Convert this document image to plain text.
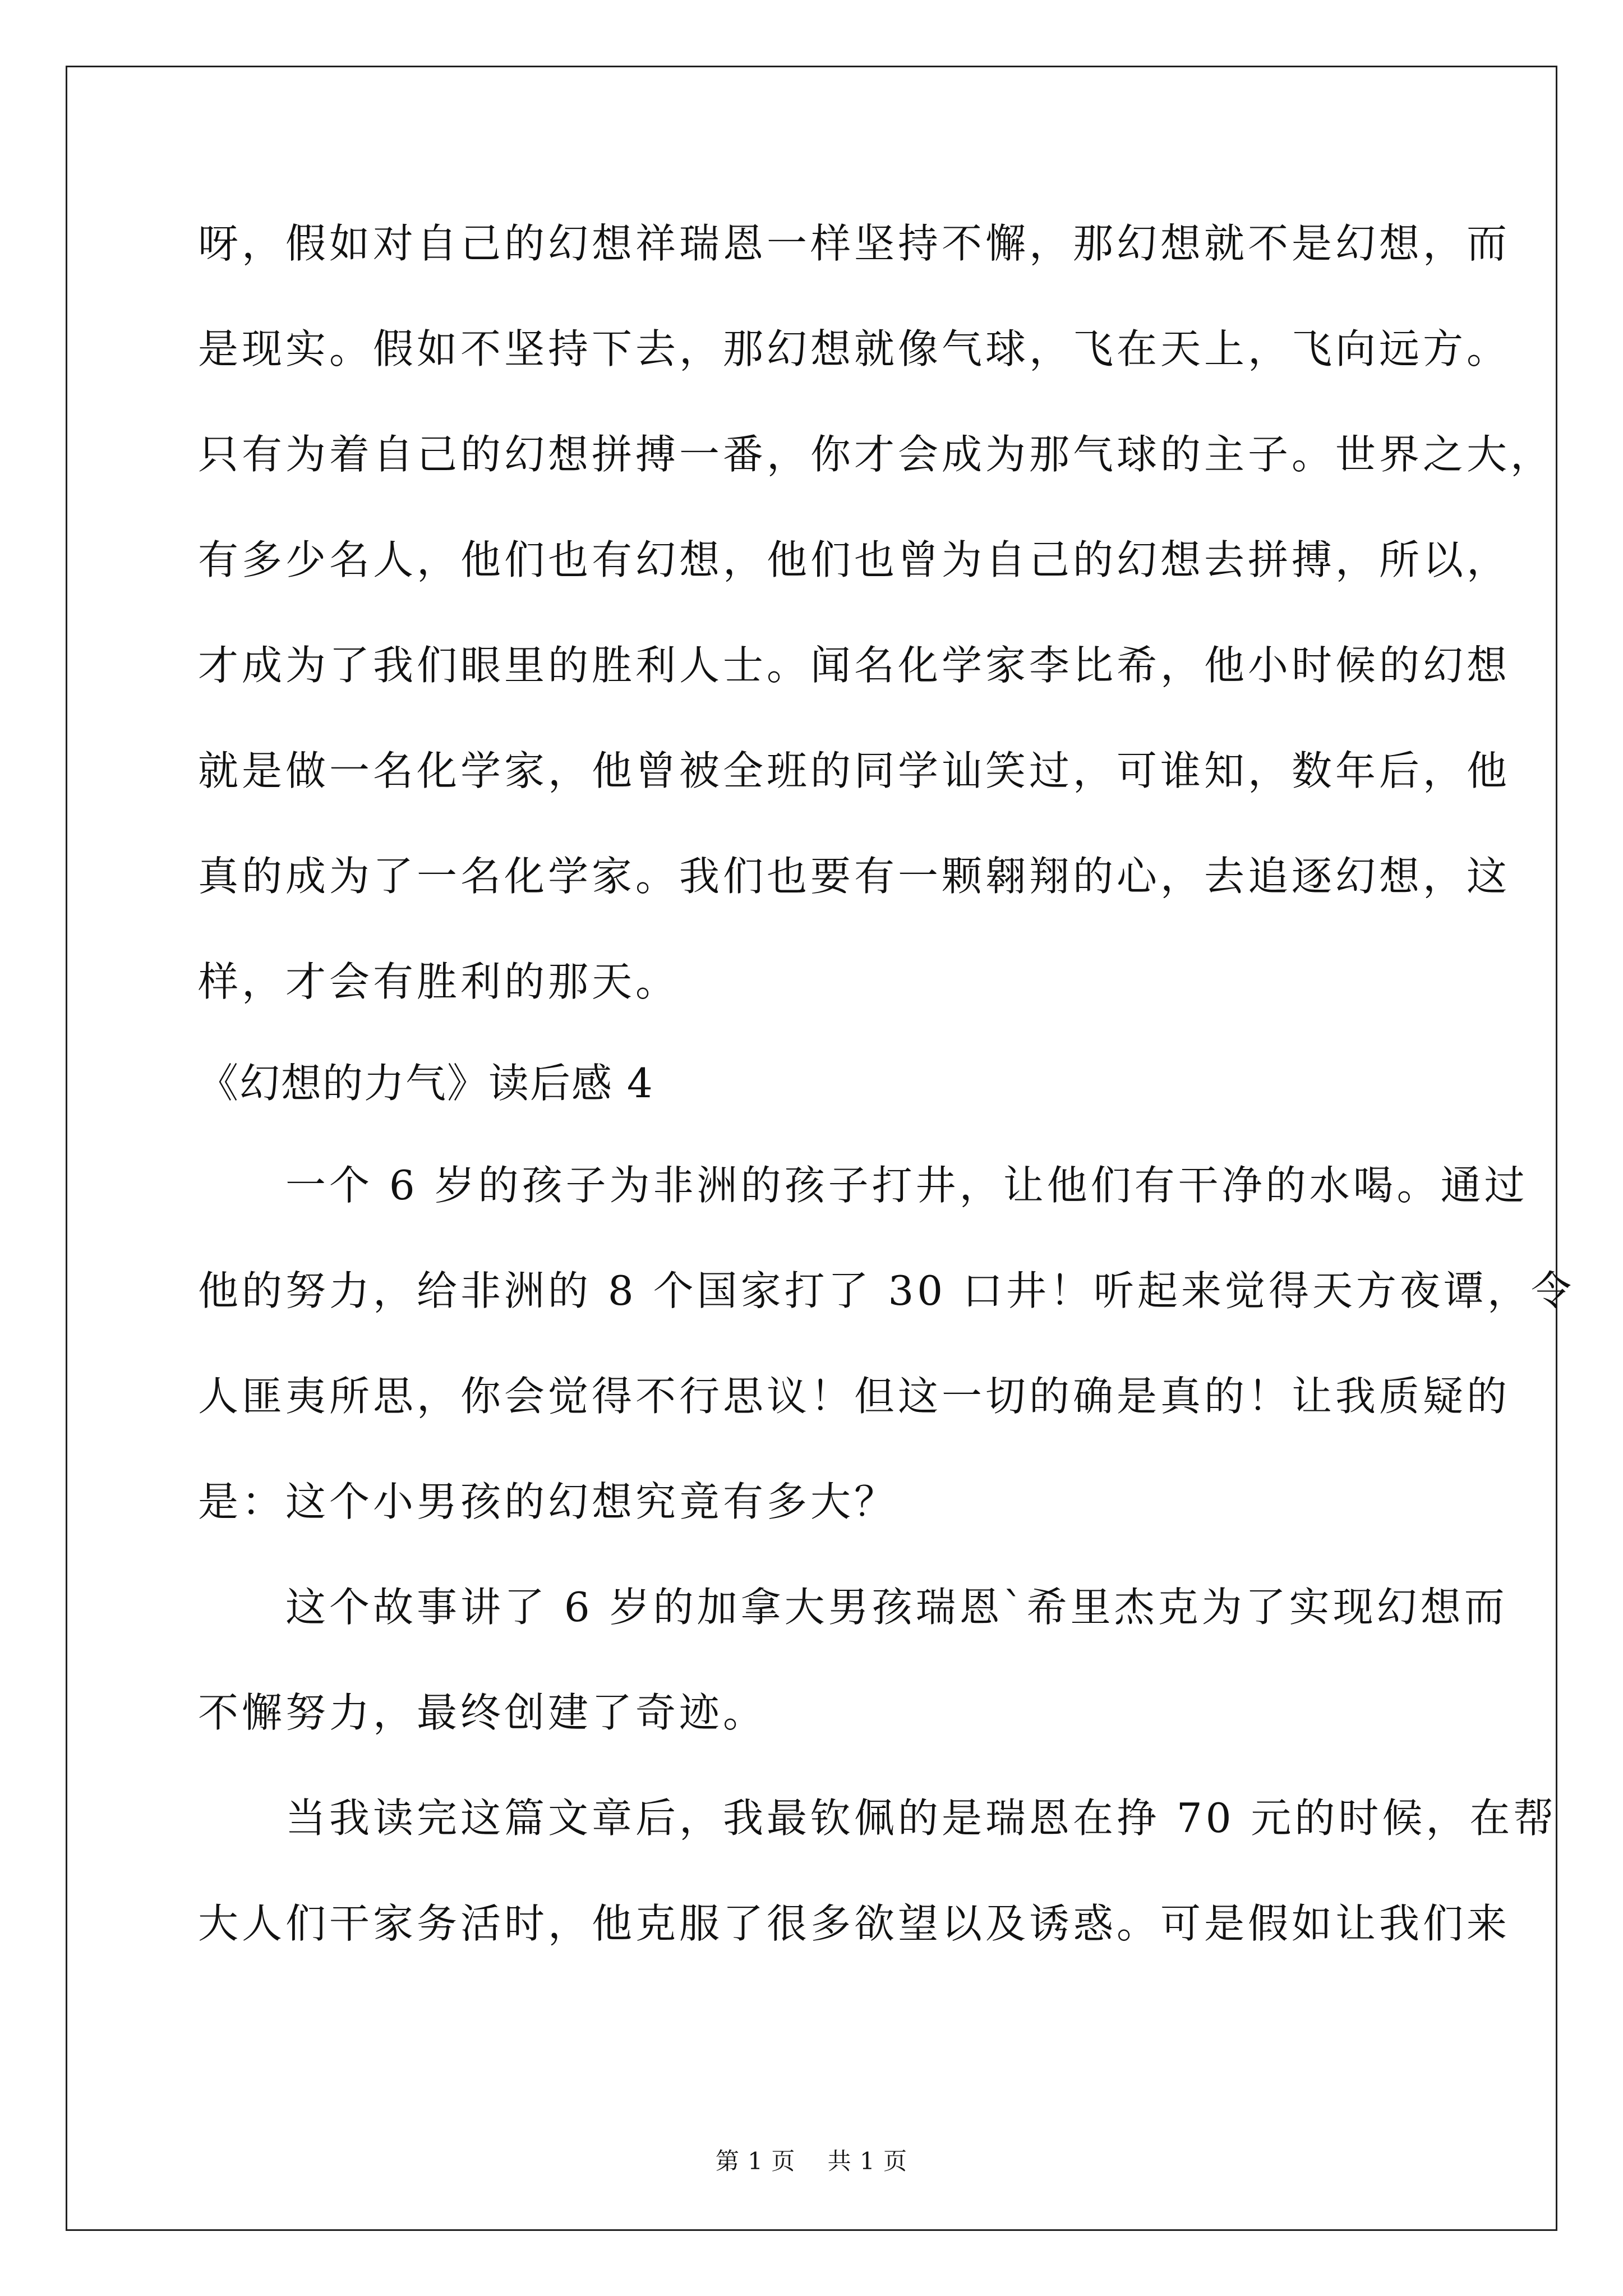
呀，假如对自己的幻想祥瑞恩一样坚持不懈，那幻想就不是幻想，而
是现实。假如不坚持下去，那幻想就像气球，飞在天上，飞向远方。
只有为着自己的幻想拼搏一番，你才会成为那气球的主子。世界之大，
有多少名人，他们也有幻想，他们也曾为自己的幻想去拼搏，所以，
才成为了我们眼里的胜利人士。闻名化学家李比希，他小时候的幻想
就是做一名化学家，他曾被全班的同学讪笑过，可谁知，数年后，他
真的成为了一名化学家。我们也要有一颗翱翔的心，去追逐幻想，这
样，才会有胜利的那天。
《幻想的力气》读后感 4
　　一个 6 岁的孩子为非洲的孩子打井，让他们有干净的水喝。通过
他的努力，给非洲的 8 个国家打了 30 口井！听起来觉得天方夜谭，令
人匪夷所思，你会觉得不行思议！但这一切的确是真的！让我质疑的
是：这个小男孩的幻想究竟有多大？
　　这个故事讲了 6 岁的加拿大男孩瑞恩`希里杰克为了实现幻想而
不懈努力，最终创建了奇迹。
　　当我读完这篇文章后，我最钦佩的是瑞恩在挣 70 元的时候，在帮
大人们干家务活时，他克服了很多欲望以及诱惑。可是假如让我们来
第 1 页　 共 1 页
